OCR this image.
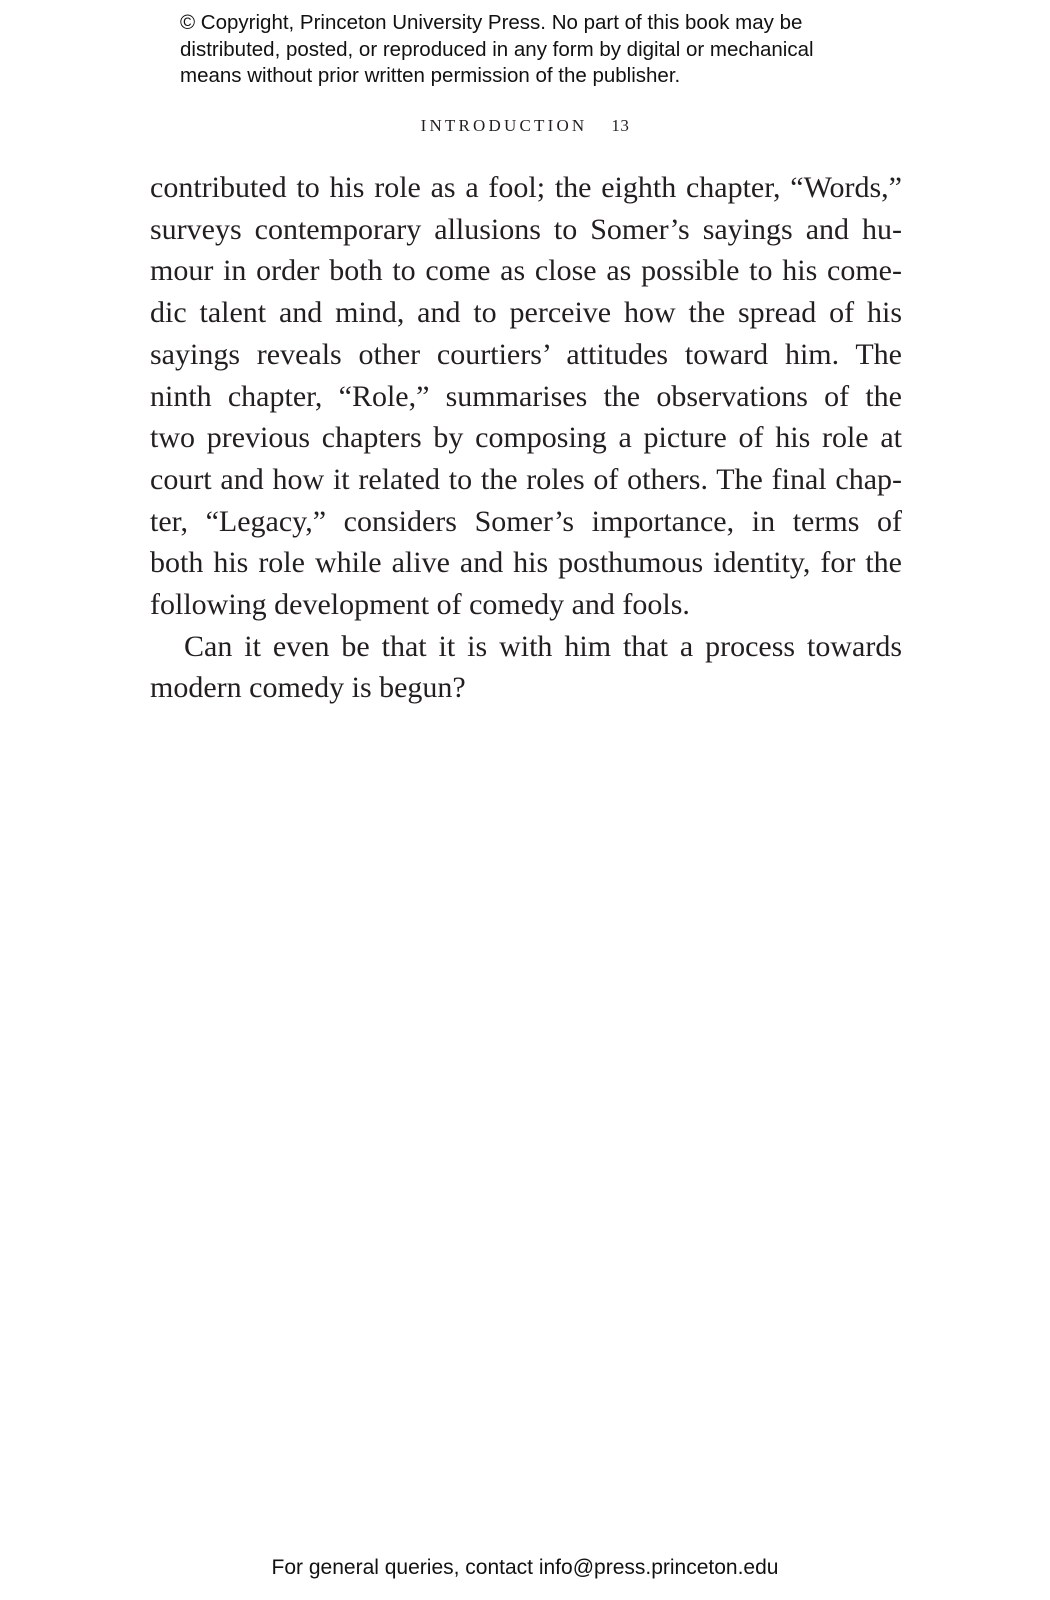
© Copyright, Princeton University Press. No part of this book may be
distributed, posted, or reproduced in any form by digital or mechanical
means without prior written permission of the publisher.
INTRODUCTION 13
contributed to his role as a fool; the eighth chapter, “Words,”
surveys contemporary allusions to Somer’s sayings and hu-
mour in order both to come as close as possible to his come-
dic talent and mind, and to perceive how the spread of his
sayings reveals other courtiers’ attitudes toward him. The
ninth chapter, “Role,” summarises the observations of the
two previous chapters by composing a picture of his role at
court and how it related to the roles of others. The final chap-
ter, “Legacy,” considers Somer’s importance, in terms of
both his role while alive and his posthumous identity, for the
following development of comedy and fools.
Can it even be that it is with him that a process towards
modern comedy is begun?
For general queries, contact info@press.princeton.edu
